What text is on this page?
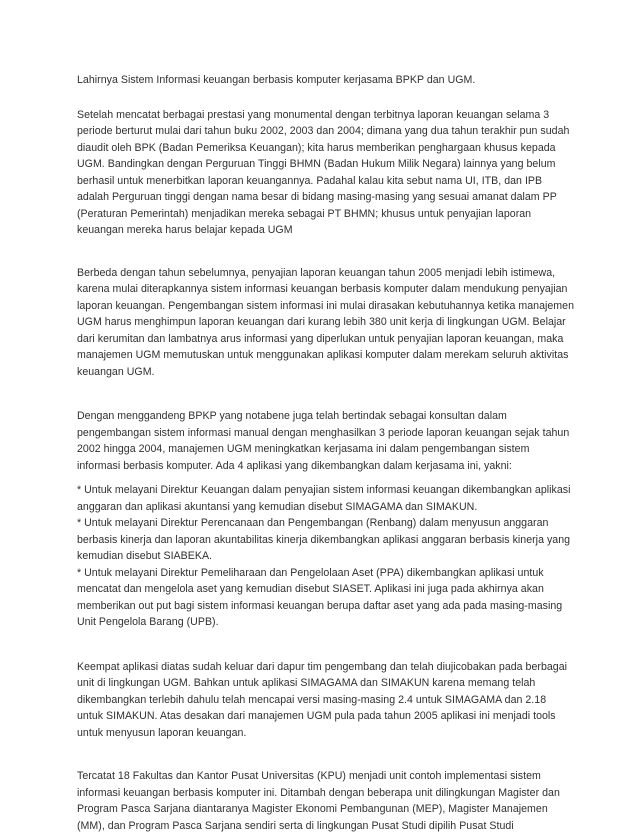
Lahirnya Sistem Informasi keuangan berbasis komputer kerjasama BPKP dan UGM.
Setelah mencatat berbagai prestasi yang monumental dengan terbitnya laporan keuangan selama 3
periode berturut mulai dari tahun buku 2002, 2003 dan 2004; dimana yang dua tahun terakhir pun sudah
diaudit oleh BPK (Badan Pemeriksa Keuangan); kita harus memberikan penghargaan khusus kepada
UGM. Bandingkan dengan Perguruan Tinggi BHMN (Badan Hukum Milik Negara) lainnya yang belum
berhasil untuk menerbitkan laporan keuangannya. Padahal kalau kita sebut nama UI, ITB, dan IPB
adalah Perguruan tinggi dengan nama besar di bidang masing-masing yang sesuai amanat dalam PP
(Peraturan Pemerintah) menjadikan mereka sebagai PT BHMN; khusus untuk penyajian laporan
keuangan mereka harus belajar kepada UGM
Berbeda dengan tahun sebelumnya, penyajian laporan keuangan tahun 2005 menjadi lebih istimewa,
karena mulai diterapkannya sistem informasi keuangan berbasis komputer dalam mendukung penyajian
laporan keuangan. Pengembangan sistem informasi ini mulai dirasakan kebutuhannya ketika manajemen
UGM harus menghimpun laporan keuangan dari kurang lebih 380 unit kerja di lingkungan UGM. Belajar
dari kerumitan dan lambatnya arus informasi yang diperlukan untuk penyajian laporan keuangan, maka
manajemen UGM memutuskan untuk menggunakan aplikasi komputer dalam merekam seluruh aktivitas
keuangan UGM.
Dengan menggandeng BPKP yang notabene juga telah bertindak sebagai konsultan dalam
pengembangan sistem informasi manual dengan menghasilkan 3 periode laporan keuangan sejak tahun
2002 hingga 2004, manajemen UGM meningkatkan kerjasama ini dalam pengembangan sistem
informasi berbasis komputer. Ada 4 aplikasi yang dikembangkan dalam kerjasama ini, yakni:
* Untuk melayani Direktur Keuangan dalam penyajian sistem informasi keuangan dikembangkan aplikasi
anggaran dan aplikasi akuntansi yang kemudian disebut SIMAGAMA dan SIMAKUN.
* Untuk melayani Direktur Perencanaan dan Pengembangan (Renbang) dalam menyusun anggaran
berbasis kinerja dan laporan akuntabilitas kinerja dikembangkan aplikasi anggaran berbasis kinerja yang
kemudian disebut SIABEKA.
* Untuk melayani Direktur Pemeliharaan dan Pengelolaan Aset (PPA) dikembangkan aplikasi untuk
mencatat dan mengelola aset yang kemudian disebut SIASET. Aplikasi ini juga pada akhirnya akan
memberikan out put bagi sistem informasi keuangan berupa daftar aset yang ada pada masing-masing
Unit Pengelola Barang (UPB).
Keempat aplikasi diatas sudah keluar dari dapur tim pengembang dan telah diujicobakan pada berbagai
unit di lingkungan UGM. Bahkan untuk aplikasi SIMAGAMA dan SIMAKUN karena memang telah
dikembangkan terlebih dahulu telah mencapai versi masing-masing 2.4 untuk SIMAGAMA dan 2.18
untuk SIMAKUN. Atas desakan dari manajemen UGM pula pada tahun 2005 aplikasi ini menjadi tools
untuk menyusun laporan keuangan.
Tercatat 18 Fakultas dan Kantor Pusat Universitas (KPU) menjadi unit contoh implementasi sistem
informasi keuangan berbasis komputer ini. Ditambah dengan beberapa unit dilingkungan Magister dan
Program Pasca Sarjana diantaranya Magister Ekonomi Pembangunan (MEP), Magister Manajemen
(MM), dan Program Pasca Sarjana sendiri serta di lingkungan Pusat Studi dipilih Pusat Studi
